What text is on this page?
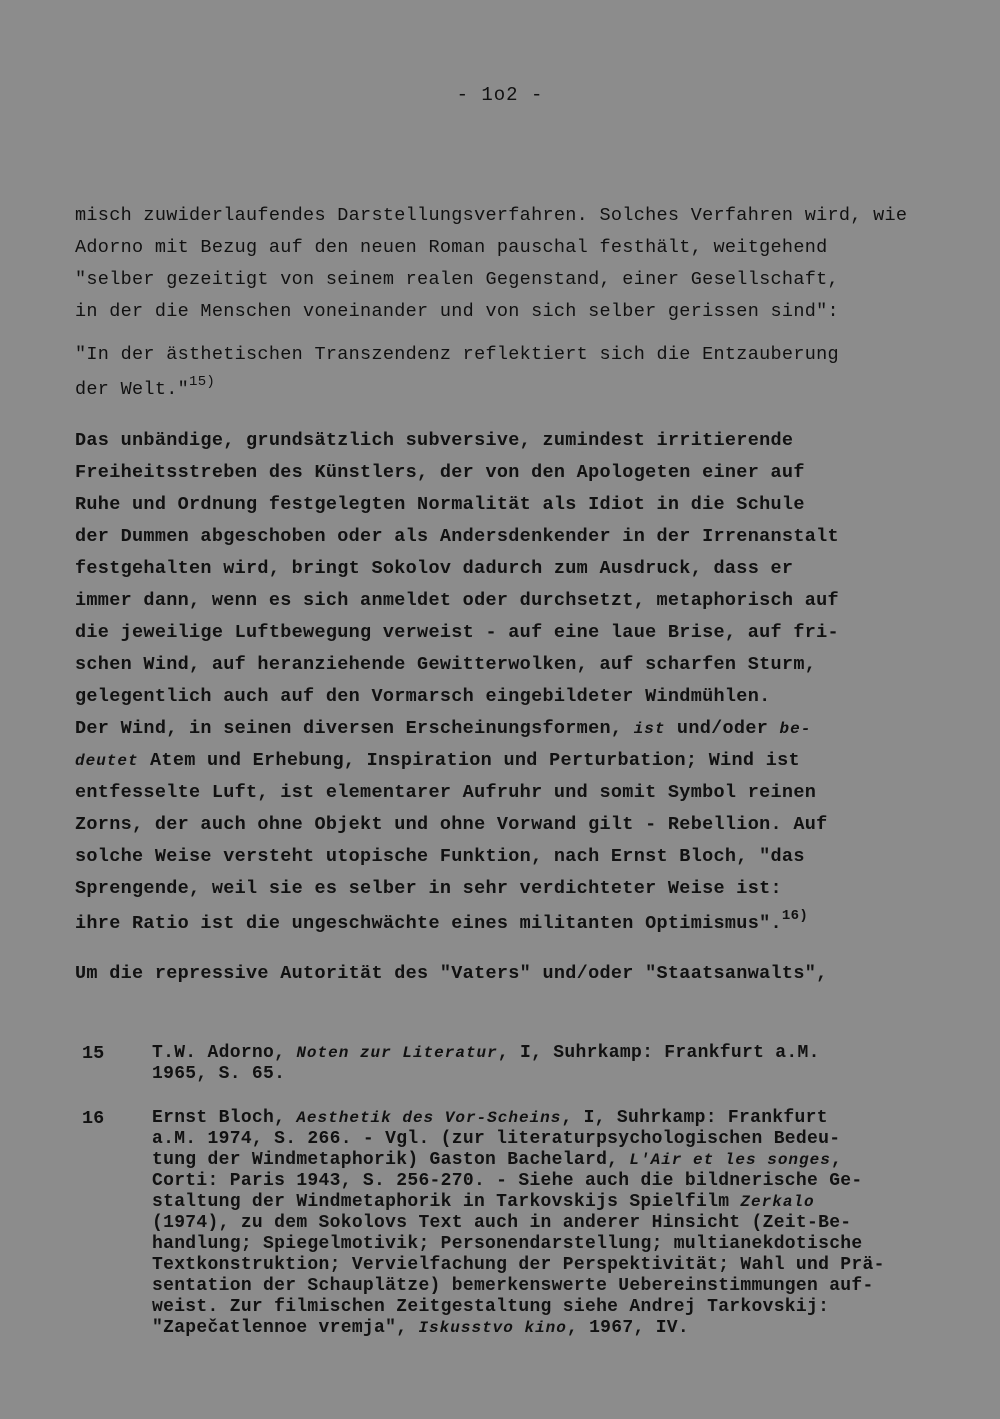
- 1o2 -
misch zuwiderlaufendes Darstellungsverfahren. Solches Verfahren wird, wie
Adorno mit Bezug auf den neuen Roman pauschal festhält, weitgehend
"selber gezeitigt von seinem realen Gegenstand, einer Gesellschaft,
in der die Menschen voneinander und von sich selber gerissen sind":
"In der ästhetischen Transzendenz reflektiert sich die Entzauberung
der Welt."$^{15)}$
Das unbändige, grundsätzlich subversive, zumindest irritierende
Freiheitsstreben des Künstlers, der von den Apologeten einer auf
Ruhe und Ordnung festgelegten Normalität als Idiot in die Schule
der Dummen abgeschoben oder als Andersdenkender in der Irrenanstalt
festgehalten wird, bringt Sokolov dadurch zum Ausdruck, dass er
immer dann, wenn es sich anmeldet oder durchsetzt, metaphorisch auf
die jeweilige Luftbewegung verweist - auf eine laue Brise, auf fri-
schen Wind, auf heranziehende Gewitterwolken, auf scharfen Sturm,
gelegentlich auch auf den Vormarsch eingebildeter Windmühlen.
Der Wind, in seinen diversen Erscheinungsformen, ist und/oder be-
deutet Atem und Erhebung, Inspiration und Perturbation; Wind ist
entfesselte Luft, ist elementarer Aufruhr und somit Symbol reinen
Zorns, der auch ohne Objekt und ohne Vorwand gilt - Rebellion. Auf
solche Weise versteht utopische Funktion, nach Ernst Bloch, "das
Sprengende, weil sie es selber in sehr verdichteter Weise ist:
ihre Ratio ist die ungeschwächte eines militanten Optimismus".$^{16)}$
Um die repressive Autorität des "Vaters" und/oder "Staatsanwalts",
15	T.W. Adorno, Noten zur Literatur, I, Suhrkamp: Frankfurt a.M.
1965, S. 65.
16	Ernst Bloch, Aesthetik des Vor-Scheins, I, Suhrkamp: Frankfurt
a.M. 1974, S. 266. - Vgl. (zur literaturpsychologischen Bedeu-
tung der Windmetaphorik) Gaston Bachelard, L'Air et les songes,
Corti: Paris 1943, S. 256-270. - Siehe auch die bildnerische Ge-
staltung der Windmetaphorik in Tarkovskijs Spielfilm Zerkalo
(1974), zu dem Sokolovs Text auch in anderer Hinsicht (Zeit-Be-
handlung; Spiegelmotivik; Personendarstellung; multianekdotische
Textkonstruktion; Vervielfachung der Perspektivität; Wahl und Prä-
sentation der Schauplätze) bemerkenswerte Uebereinstimmungen auf-
weist. Zur filmischen Zeitgestaltung siehe Andrej Tarkovskij:
"Zapečatlennoe vremja", Iskusstvo kino, 1967, IV.
